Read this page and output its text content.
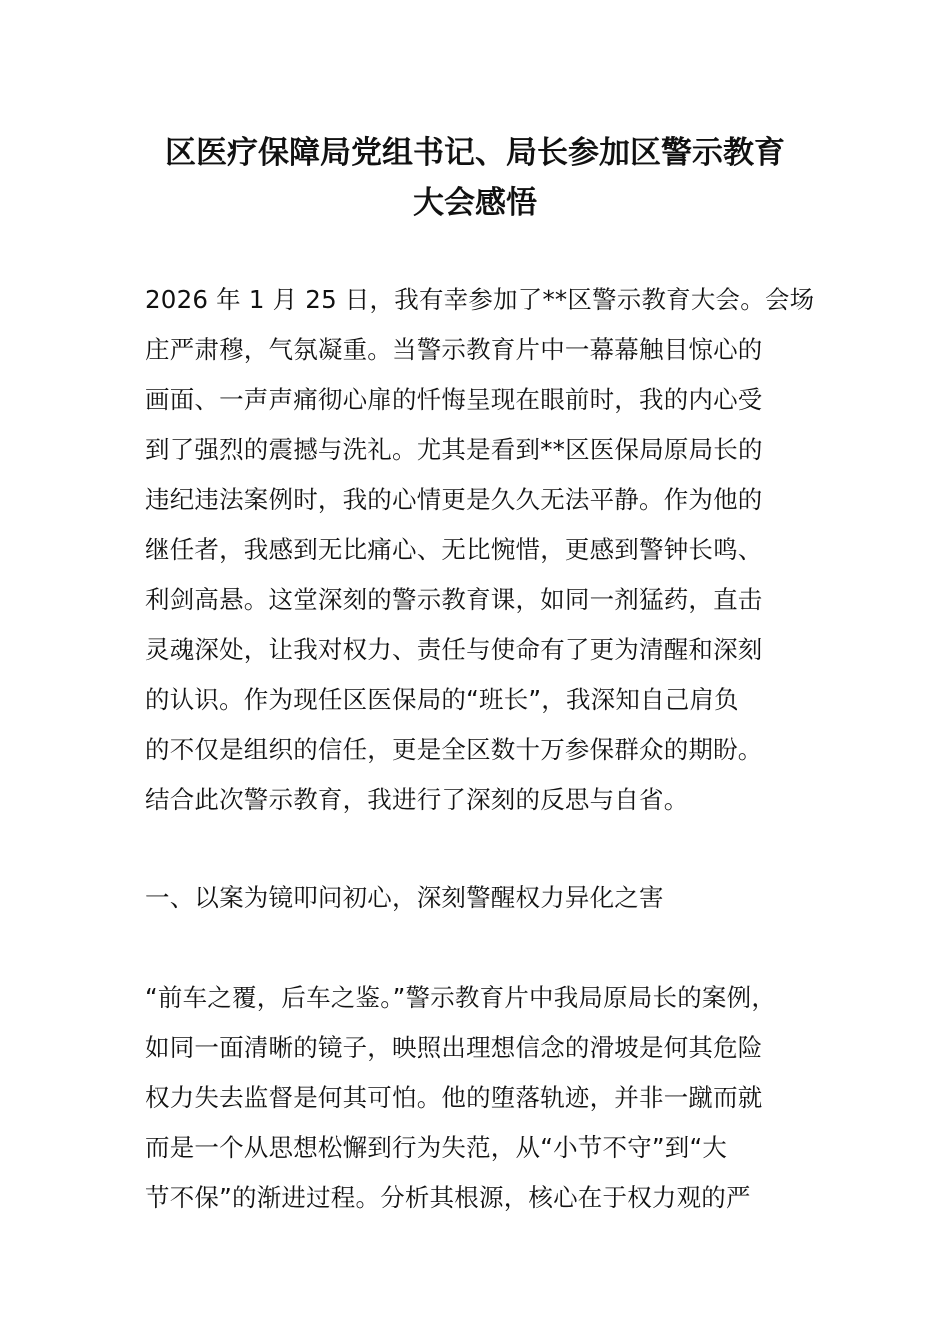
区医疗保障局党组书记、局长参加区警示教育
大会感悟

2026 年 1 月 25 日，我有幸参加了**区警示教育大会。会场

庄严肃穆，气氛凝重。当警示教育片中一幕幕触目惊心的

画面、一声声痛彻心扉的忏悔呈现在眼前时，我的内心受

到了强烈的震撼与洗礼。尤其是看到**区医保局原局长的

违纪违法案例时，我的心情更是久久无法平静。作为他的

继任者，我感到无比痛心、无比惋惜，更感到警钟长鸣、

利剑高悬。这堂深刻的警示教育课，如同一剂猛药，直击

灵魂深处，让我对权力、责任与使命有了更为清醒和深刻

的认识。作为现任区医保局的“班长”，我深知自己肩负

的不仅是组织的信任，更是全区数十万参保群众的期盼。

结合此次警示教育，我进行了深刻的反思与自省。

一、以案为镜叩问初心，深刻警醒权力异化之害

“前车之覆，后车之鉴。”警示教育片中我局原局长的案例，

如同一面清晰的镜子，映照出理想信念的滑坡是何其危险

权力失去监督是何其可怕。他的堕落轨迹，并非一蹴而就

而是一个从思想松懈到行为失范，从“小节不守”到“大

节不保”的渐进过程。分析其根源，核心在于权力观的严
